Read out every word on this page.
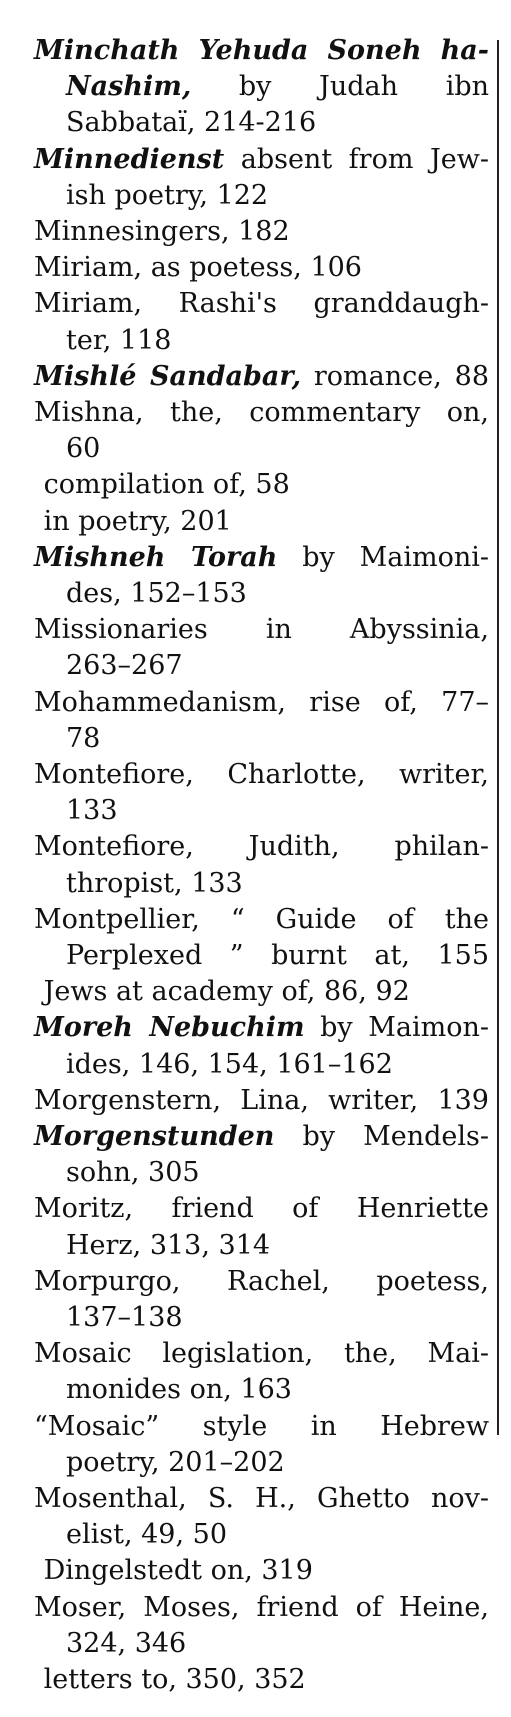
Minchath Yehuda Soneh ha-
Nashim, by Judah ibn
Sabbataï, 214-216
Minnedienst absent from Jew-
ish poetry, 122
Minnesingers, 182
Miriam, as poetess, 106
Miriam, Rashi's granddaugh-
ter, 118
Mishlé Sandabar, romance, 88
Mishna, the, commentary on,
60
compilation of, 58
in poetry, 201
Mishneh Torah by Maimoni-
des, 152–153
Missionaries in Abyssinia,
263–267
Mohammedanism, rise of, 77–
78
Montefiore, Charlotte, writer,
133
Montefiore, Judith, philan-
thropist, 133
Montpellier, “ Guide of the
Perplexed ” burnt at, 155
Jews at academy of, 86, 92
Moreh Nebuchim by Maimon-
ides, 146, 154, 161–162
Morgenstern, Lina, writer, 139
Morgenstunden by Mendels-
sohn, 305
Moritz, friend of Henriette
Herz, 313, 314
Morpurgo, Rachel, poetess,
137–138
Mosaic legislation, the, Mai-
monides on, 163
“Mosaic” style in Hebrew
poetry, 201–202
Mosenthal, S. H., Ghetto nov-
elist, 49, 50
Dingelstedt on, 319
Moser, Moses, friend of Heine,
324, 346
letters to, 350, 352
